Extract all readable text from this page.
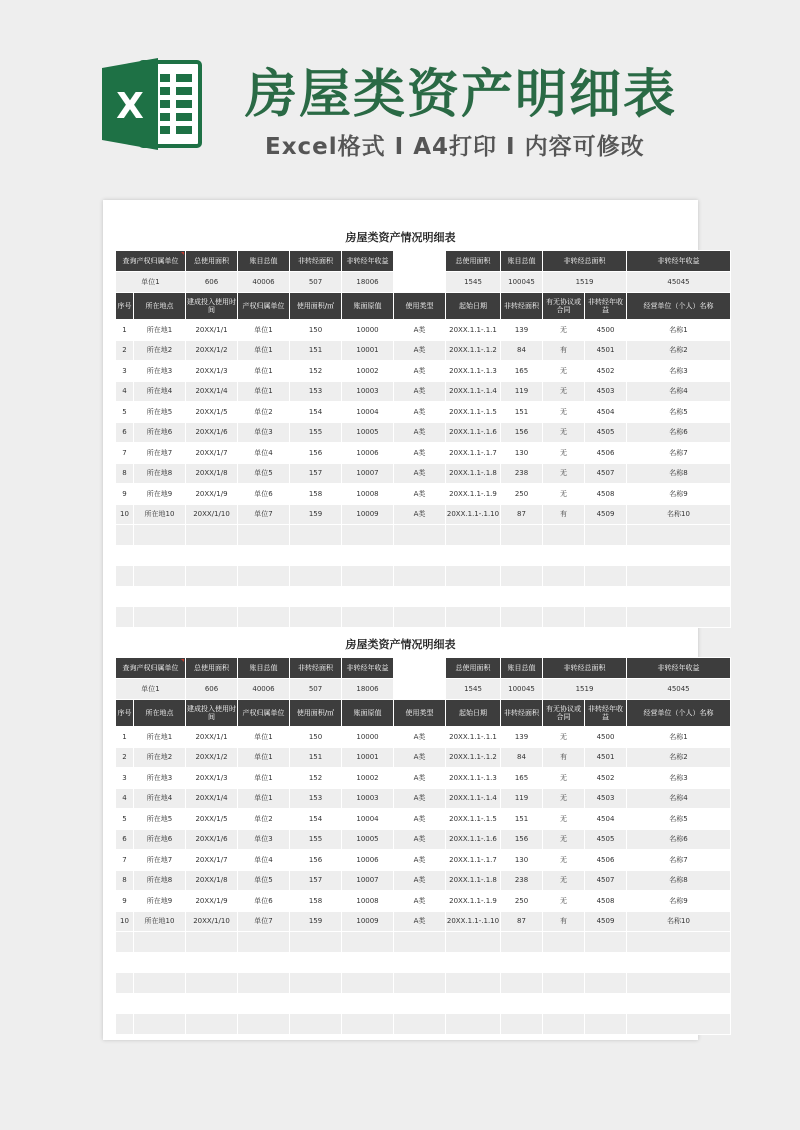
X 房屋类资产明细表
Excel格式 Ⅰ A4打印 Ⅰ 内容可修改
房屋类资产情况明细表
查询产权归属单位		总使用面积	账目总值	非转经面积	非转经年收益		总使用面积	账目总值	非转经总面积		非转经年收益
单位1		606	40006	507	18006		1545	100045	1519		45045
序号	所在地点	建成投入使用时间	产权归属单位	使用面积/㎡	账面原值	使用类型	起始日期	非转经面积	有无协议或合同	非转经年收益	经营单位（个人）名称
1	所在地1	20XX/1/1	单位1	150	10000	A类	20XX.1.1-.1.1	139	无	4500	名称1
2	所在地2	20XX/1/2	单位1	151	10001	A类	20XX.1.1-.1.2	84	有	4501	名称2
3	所在地3	20XX/1/3	单位1	152	10002	A类	20XX.1.1-.1.3	165	无	4502	名称3
4	所在地4	20XX/1/4	单位1	153	10003	A类	20XX.1.1-.1.4	119	无	4503	名称4
5	所在地5	20XX/1/5	单位2	154	10004	A类	20XX.1.1-.1.5	151	无	4504	名称5
6	所在地6	20XX/1/6	单位3	155	10005	A类	20XX.1.1-.1.6	156	无	4505	名称6
7	所在地7	20XX/1/7	单位4	156	10006	A类	20XX.1.1-.1.7	130	无	4506	名称7
8	所在地8	20XX/1/8	单位5	157	10007	A类	20XX.1.1-.1.8	238	无	4507	名称8
9	所在地9	20XX/1/9	单位6	158	10008	A类	20XX.1.1-.1.9	250	无	4508	名称9
10	所在地10	20XX/1/10	单位7	159	10009	A类	20XX.1.1-.1.10	87	有	4509	名称10

房屋类资产情况明细表
查询产权归属单位		总使用面积	账目总值	非转经面积	非转经年收益		总使用面积	账目总值	非转经总面积		非转经年收益
单位1		606	40006	507	18006		1545	100045	1519		45045
序号	所在地点	建成投入使用时间	产权归属单位	使用面积/㎡	账面原值	使用类型	起始日期	非转经面积	有无协议或合同	非转经年收益	经营单位（个人）名称
1	所在地1	20XX/1/1	单位1	150	10000	A类	20XX.1.1-.1.1	139	无	4500	名称1
2	所在地2	20XX/1/2	单位1	151	10001	A类	20XX.1.1-.1.2	84	有	4501	名称2
3	所在地3	20XX/1/3	单位1	152	10002	A类	20XX.1.1-.1.3	165	无	4502	名称3
4	所在地4	20XX/1/4	单位1	153	10003	A类	20XX.1.1-.1.4	119	无	4503	名称4
5	所在地5	20XX/1/5	单位2	154	10004	A类	20XX.1.1-.1.5	151	无	4504	名称5
6	所在地6	20XX/1/6	单位3	155	10005	A类	20XX.1.1-.1.6	156	无	4505	名称6
7	所在地7	20XX/1/7	单位4	156	10006	A类	20XX.1.1-.1.7	130	无	4506	名称7
8	所在地8	20XX/1/8	单位5	157	10007	A类	20XX.1.1-.1.8	238	无	4507	名称8
9	所在地9	20XX/1/9	单位6	158	10008	A类	20XX.1.1-.1.9	250	无	4508	名称9
10	所在地10	20XX/1/10	单位7	159	10009	A类	20XX.1.1-.1.10	87	有	4509	名称10
